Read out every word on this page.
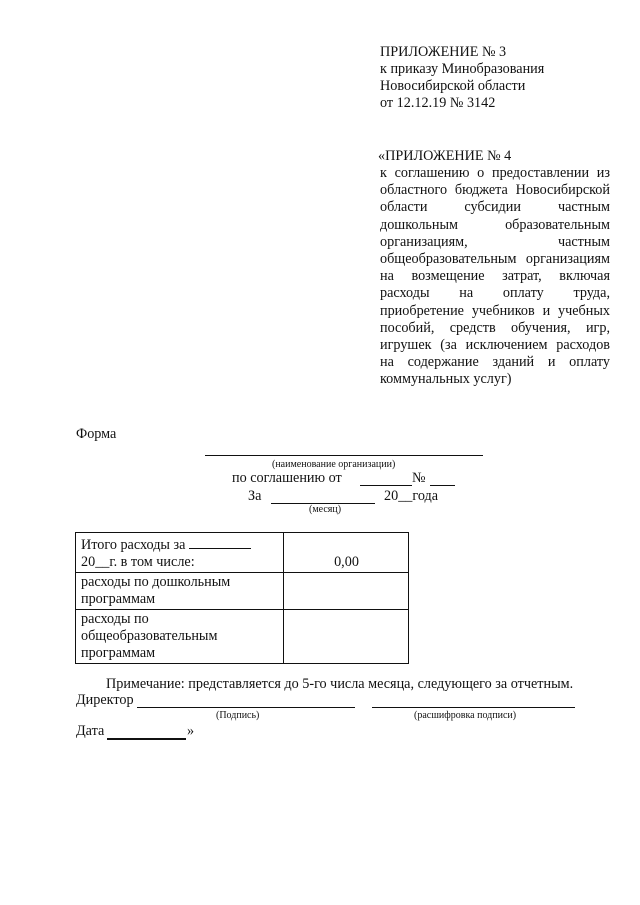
ПРИЛОЖЕНИЕ № 3
к приказу Минобразования
Новосибирской области
от 12.12.19 № 3142
«ПРИЛОЖЕНИЕ № 4
к соглашению о предоставлении из областного бюджета Новосибирской области субсидии частным дошкольным образовательным организациям, частным общеобразовательным организациям на возмещение затрат, включая расходы на оплату труда, приобретение учебников и учебных пособий, средств обучения, игр, игрушек (за исключением расходов на содержание зданий и оплату коммунальных услуг)
Форма
(наименование организации)
по соглашению от	№
За	20__года
(месяц)
Итого расходы за
20__г. в том числе:	0,00
расходы по дошкольным программам	
расходы по общеобразовательным программам	
Примечание: представляется до 5-го числа месяца, следующего за отчетным.
Директор
(Подпись)	(расшифровка подписи)
Дата	»
